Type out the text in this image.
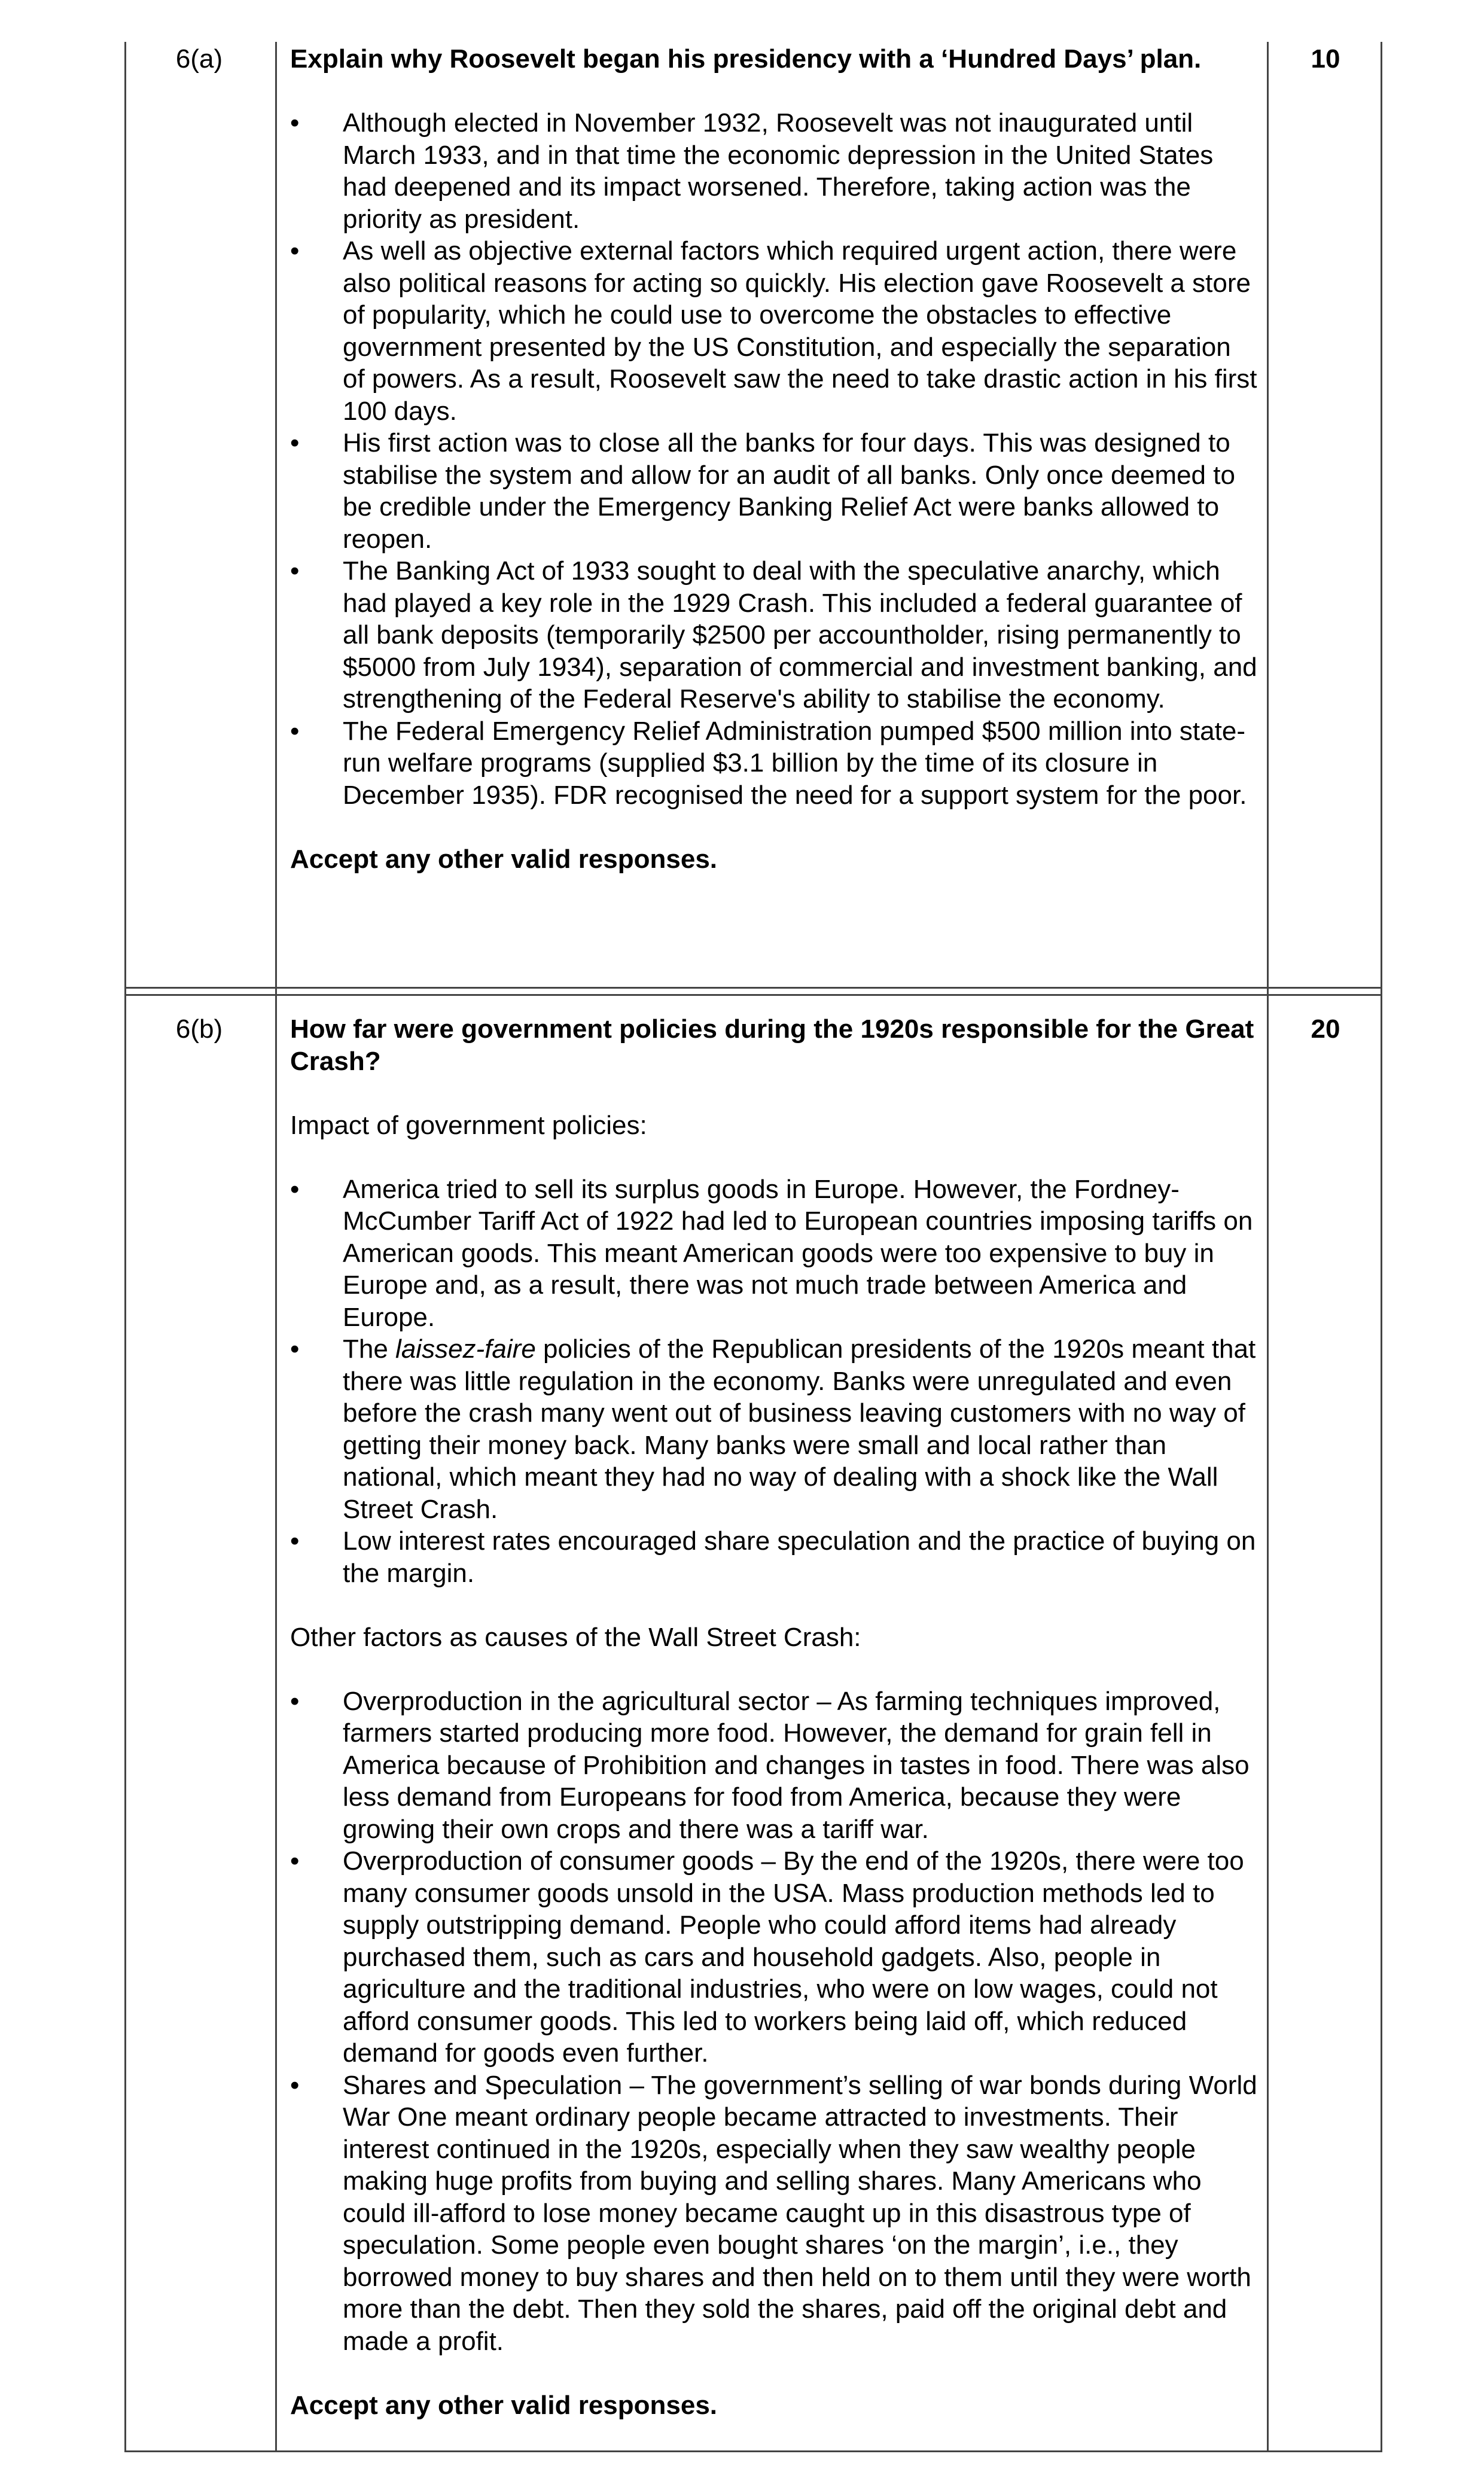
6(a)	10

Explain why Roosevelt began his presidency with a ‘Hundred Days’ plan.

• Although elected in November 1932, Roosevelt was not inaugurated until March 1933, and in that time the economic depression in the United States had deepened and its impact worsened. Therefore, taking action was the priority as president.
• As well as objective external factors which required urgent action, there were also political reasons for acting so quickly. His election gave Roosevelt a store of popularity, which he could use to overcome the obstacles to effective government presented by the US Constitution, and especially the separation of powers. As a result, Roosevelt saw the need to take drastic action in his first 100 days.
• His first action was to close all the banks for four days. This was designed to stabilise the system and allow for an audit of all banks. Only once deemed to be credible under the Emergency Banking Relief Act were banks allowed to reopen.
• The Banking Act of 1933 sought to deal with the speculative anarchy, which had played a key role in the 1929 Crash. This included a federal guarantee of all bank deposits (temporarily $2500 per accountholder, rising permanently to $5000 from July 1934), separation of commercial and investment banking, and strengthening of the Federal Reserve's ability to stabilise the economy.
• The Federal Emergency Relief Administration pumped $500 million into state-run welfare programs (supplied $3.1 billion by the time of its closure in December 1935). FDR recognised the need for a support system for the poor.

Accept any other valid responses.

6(b)	20

How far were government policies during the 1920s responsible for the Great Crash?

Impact of government policies:

• America tried to sell its surplus goods in Europe. However, the Fordney-McCumber Tariff Act of 1922 had led to European countries imposing tariffs on American goods. This meant American goods were too expensive to buy in Europe and, as a result, there was not much trade between America and Europe.
• The laissez-faire policies of the Republican presidents of the 1920s meant that there was little regulation in the economy. Banks were unregulated and even before the crash many went out of business leaving customers with no way of getting their money back. Many banks were small and local rather than national, which meant they had no way of dealing with a shock like the Wall Street Crash.
• Low interest rates encouraged share speculation and the practice of buying on the margin.

Other factors as causes of the Wall Street Crash:

• Overproduction in the agricultural sector – As farming techniques improved, farmers started producing more food. However, the demand for grain fell in America because of Prohibition and changes in tastes in food. There was also less demand from Europeans for food from America, because they were growing their own crops and there was a tariff war.
• Overproduction of consumer goods – By the end of the 1920s, there were too many consumer goods unsold in the USA. Mass production methods led to supply outstripping demand. People who could afford items had already purchased them, such as cars and household gadgets. Also, people in agriculture and the traditional industries, who were on low wages, could not afford consumer goods. This led to workers being laid off, which reduced demand for goods even further.
• Shares and Speculation – The government’s selling of war bonds during World War One meant ordinary people became attracted to investments. Their interest continued in the 1920s, especially when they saw wealthy people making huge profits from buying and selling shares. Many Americans who could ill-afford to lose money became caught up in this disastrous type of speculation. Some people even bought shares ‘on the margin’, i.e., they borrowed money to buy shares and then held on to them until they were worth more than the debt. Then they sold the shares, paid off the original debt and made a profit.

Accept any other valid responses.
